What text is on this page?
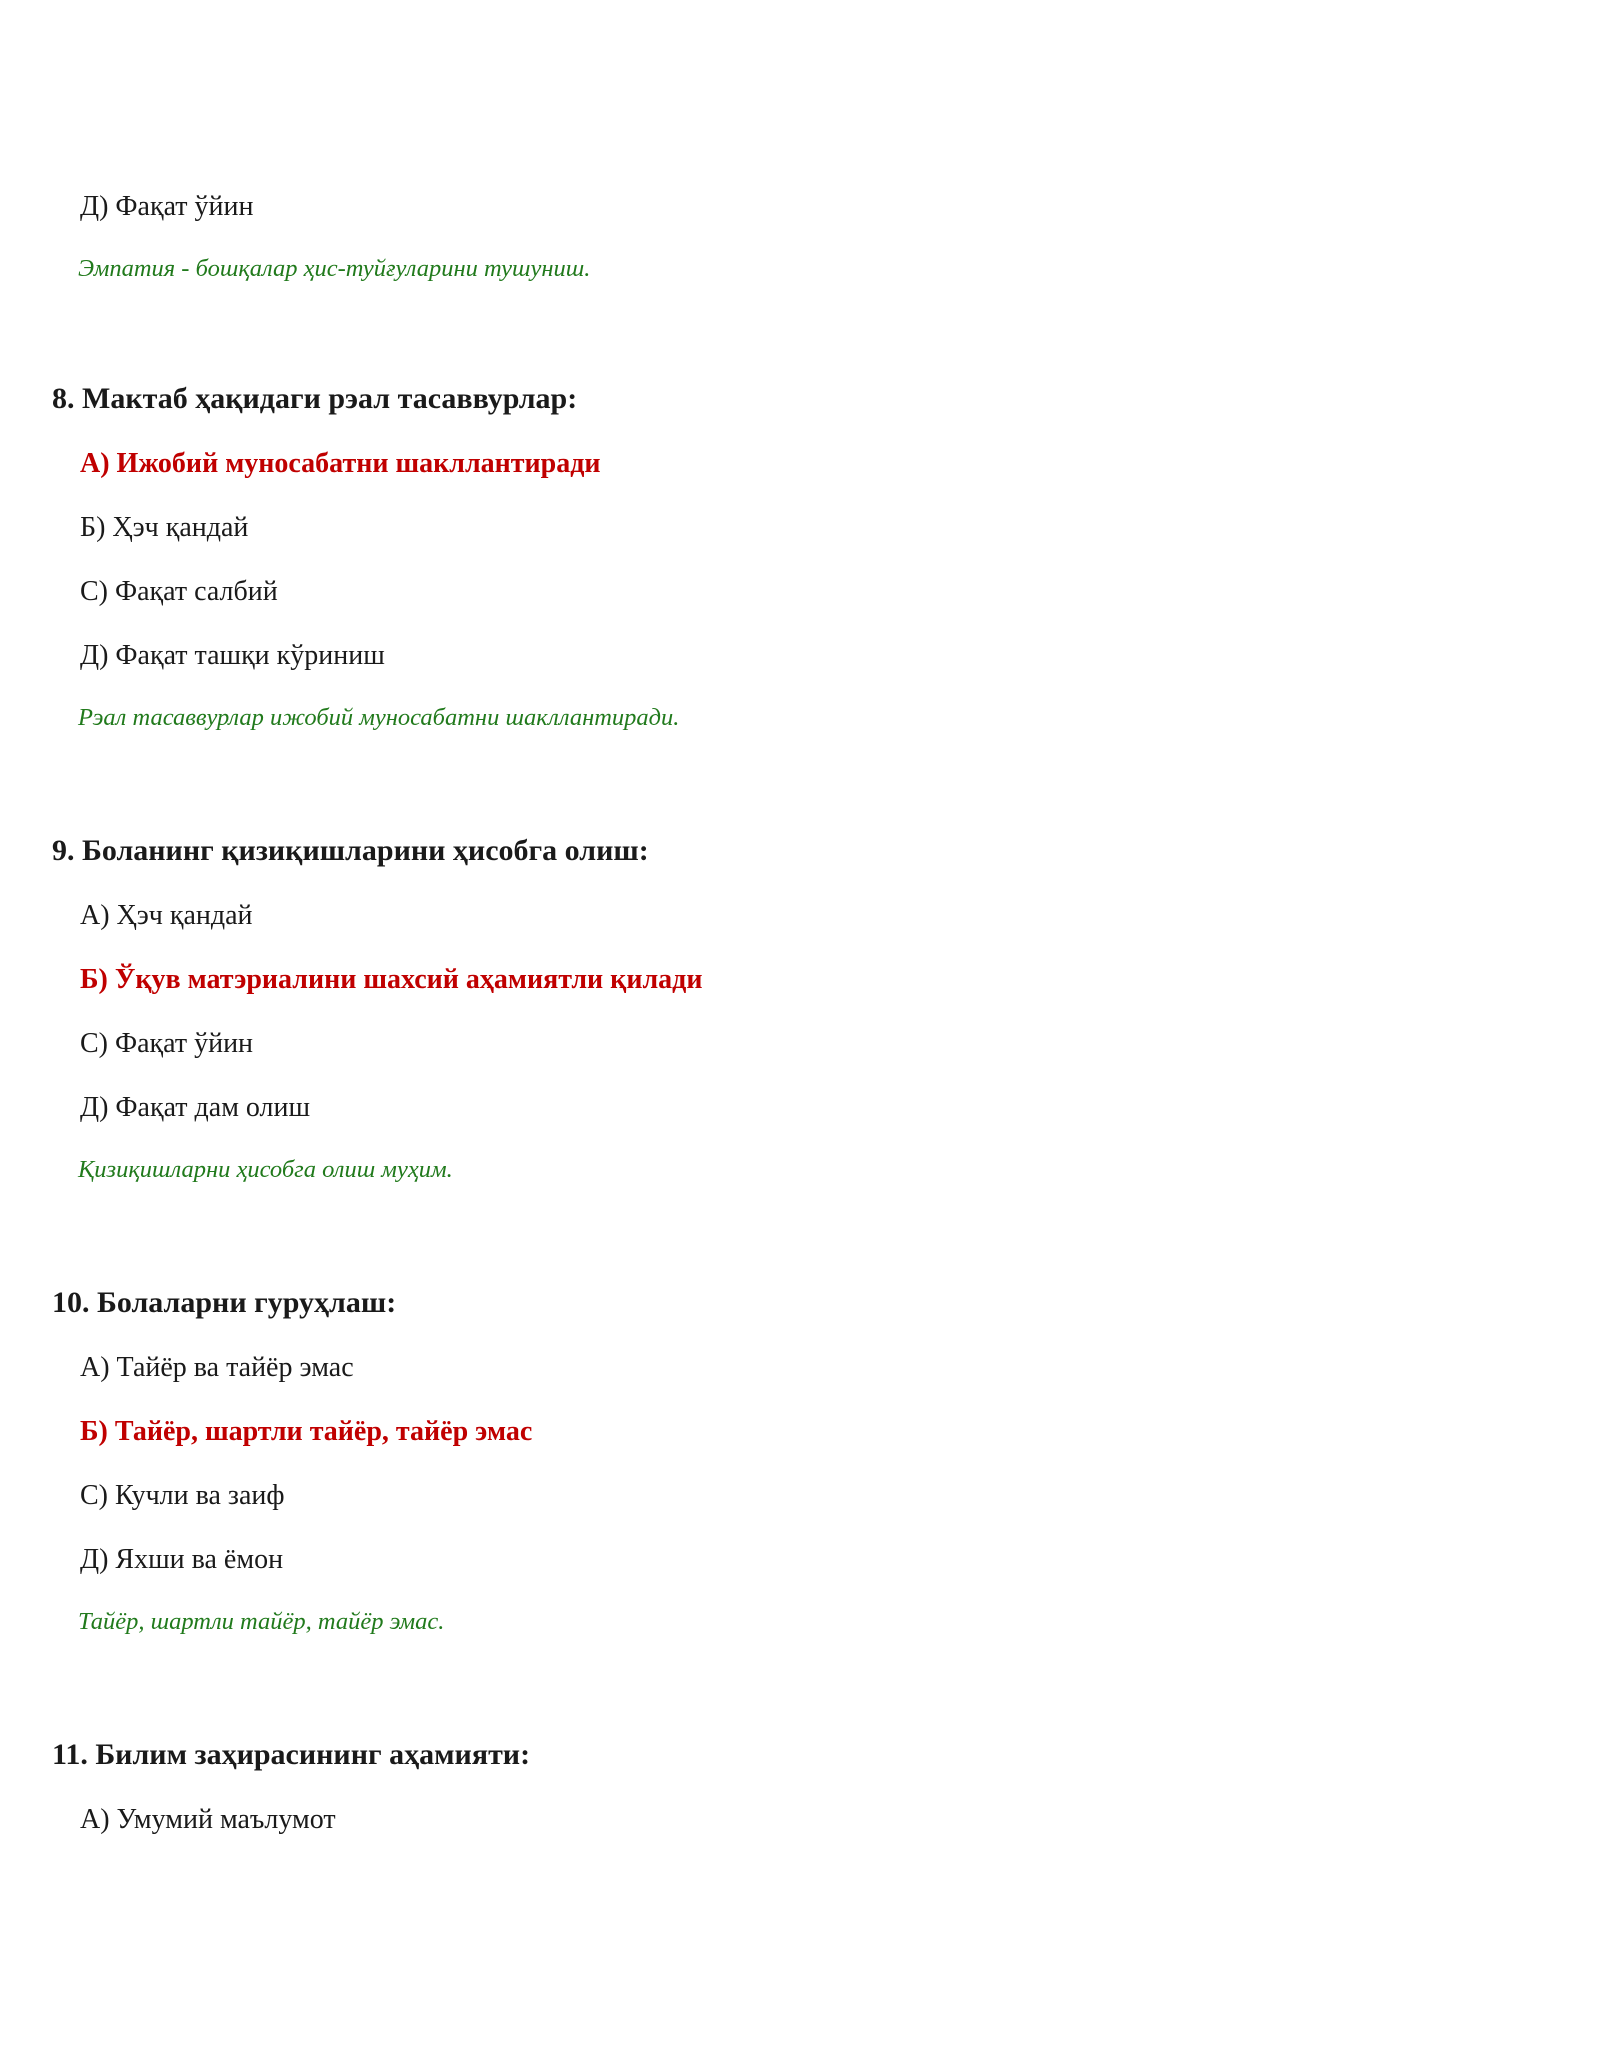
Д) Фақат ўйин
Эмпатия - бошқалар ҳис-туйғуларини тушуниш.
8. Мактаб ҳақидаги рэал тасаввурлар:
А) Ижобий муносабатни шакллантиради
Б) Ҳэч қандай
С) Фақат салбий
Д) Фақат ташқи кўриниш
Рэал тасаввурлар ижобий муносабатни шакллантиради.
9. Боланинг қизиқишларини ҳисобга олиш:
А) Ҳэч қандай
Б) Ўқув матэриалини шахсий аҳамиятли қилади
С) Фақат ўйин
Д) Фақат дам олиш
Қизиқишларни ҳисобга олиш муҳим.
10. Болаларни гуруҳлаш:
А) Тайёр ва тайёр эмас
Б) Тайёр, шартли тайёр, тайёр эмас
С) Кучли ва заиф
Д) Яхши ва ёмон
Тайёр, шартли тайёр, тайёр эмас.
11. Билим заҳирасининг аҳамияти:
А) Умумий маълумот
